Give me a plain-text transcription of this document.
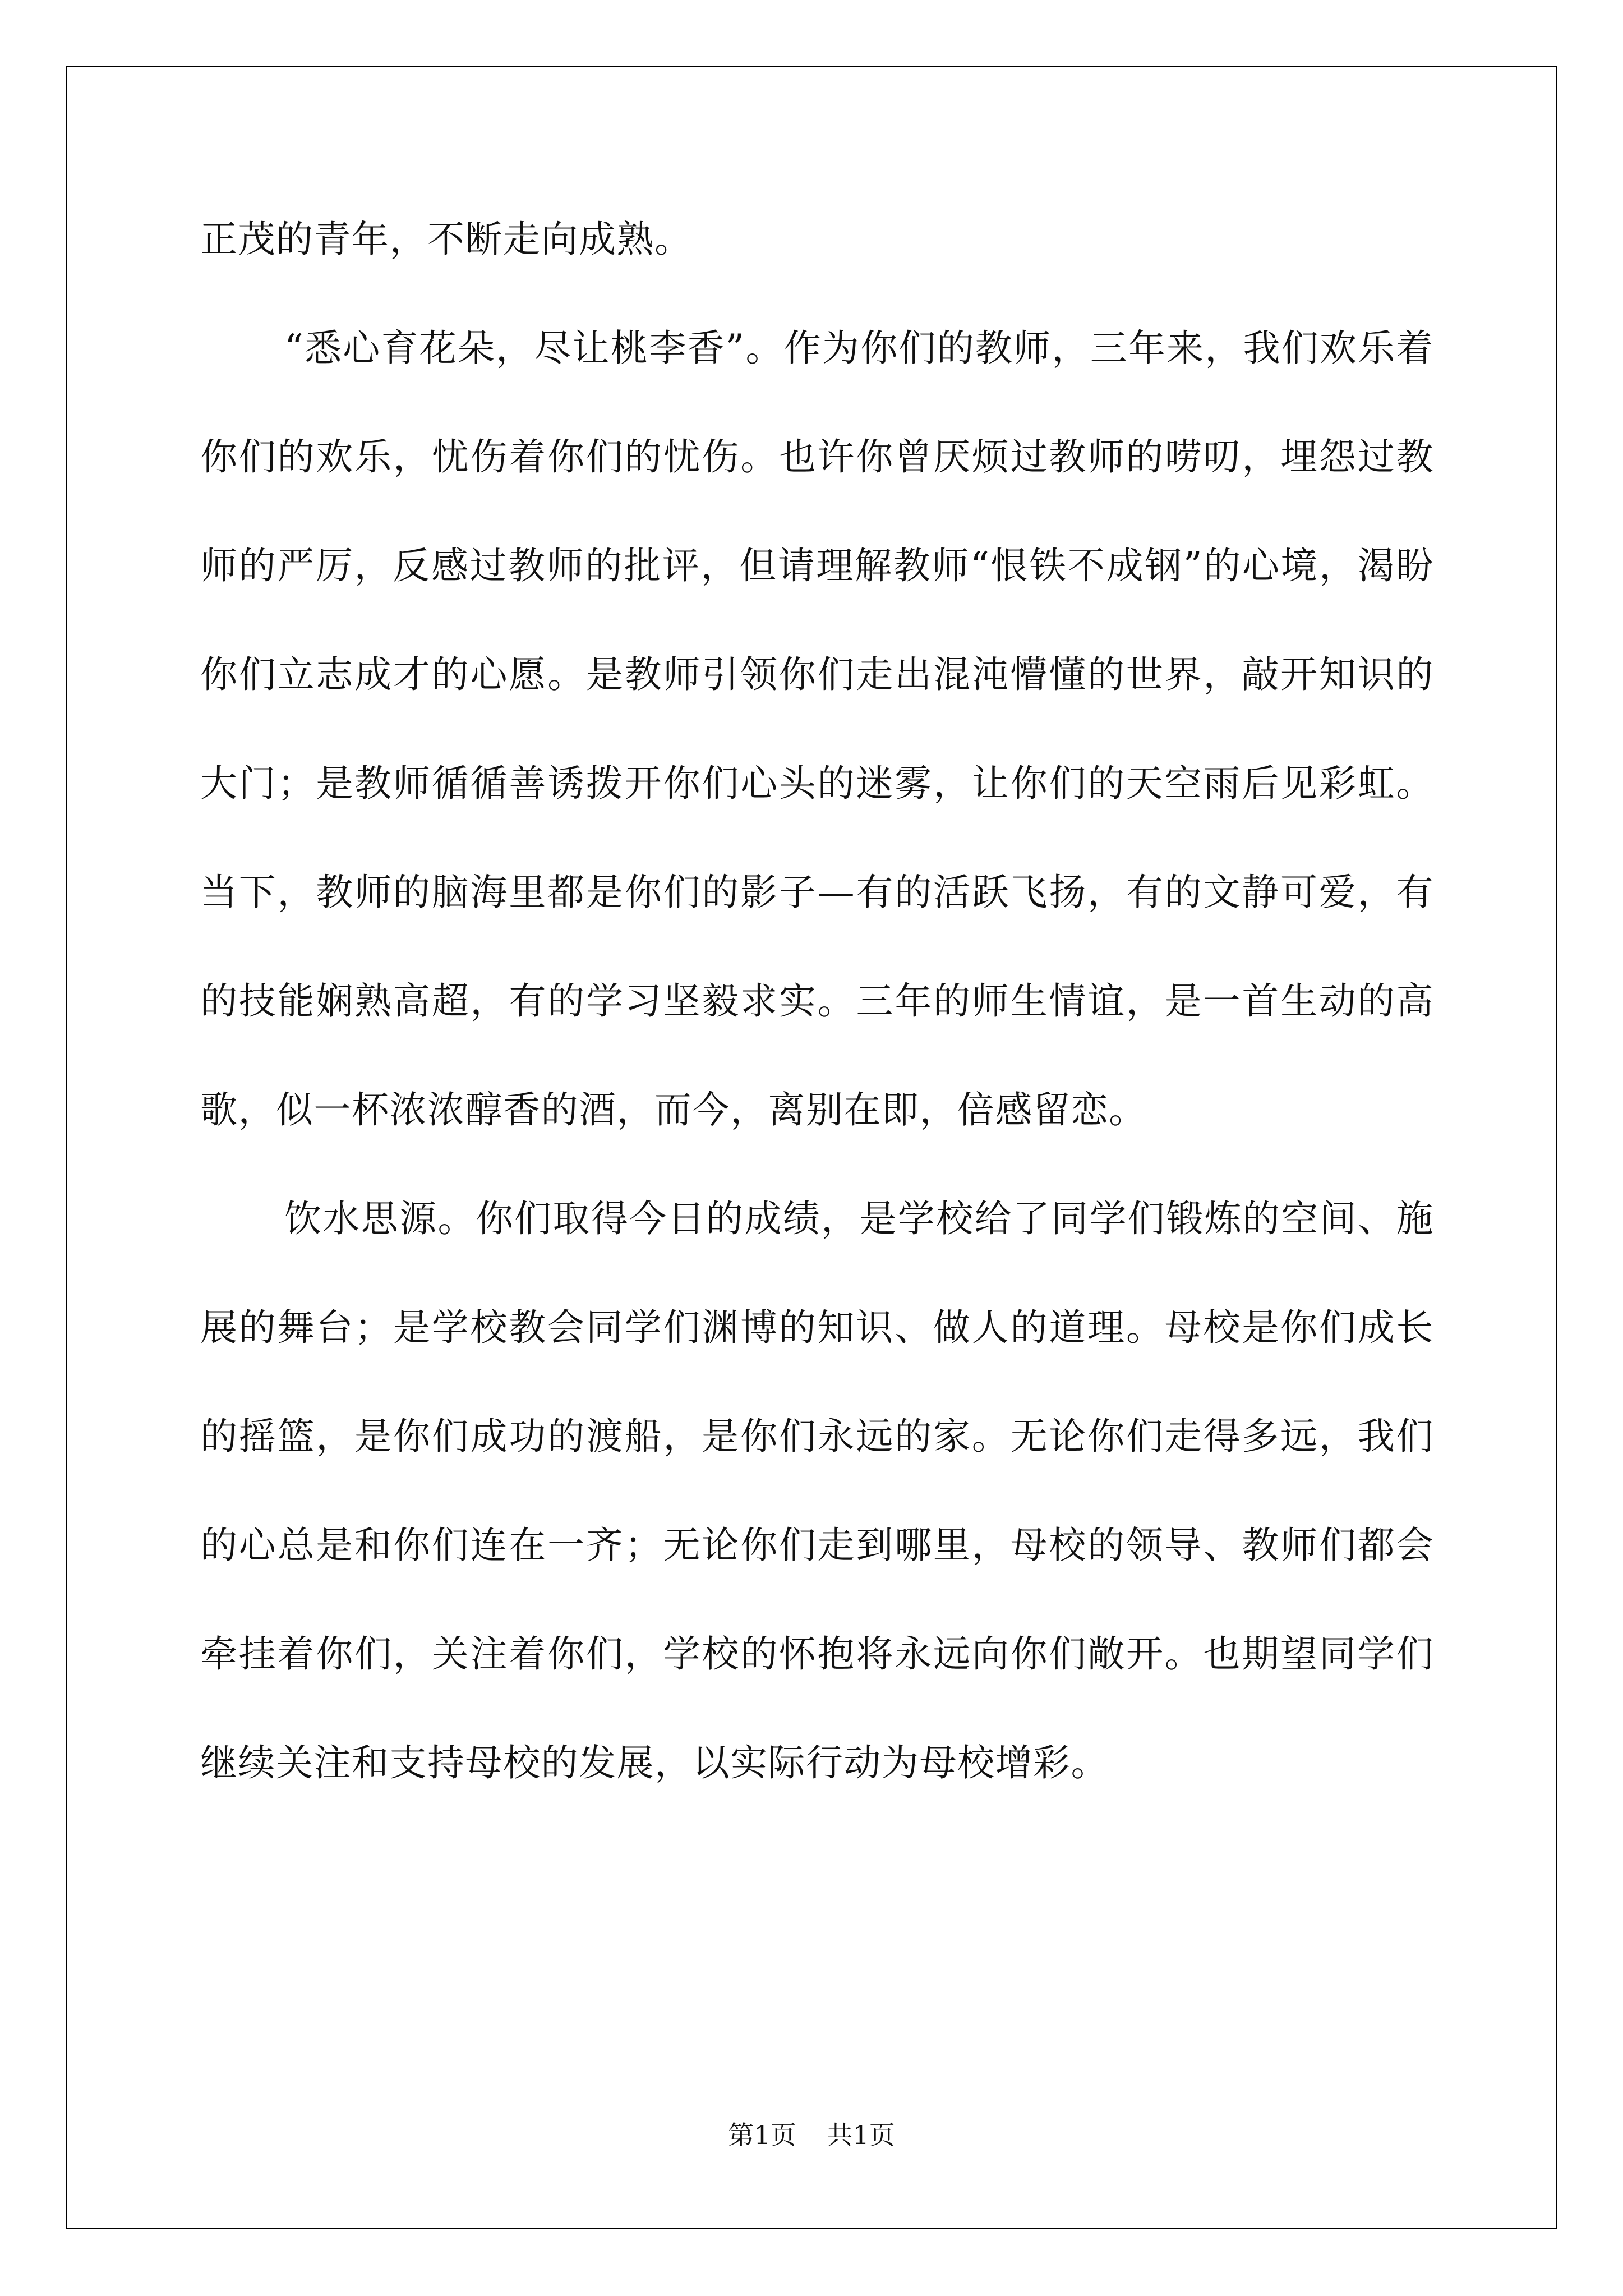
正茂的青年，不断走向成熟。

“悉心育花朵，尽让桃李香”。作为你们的教师，三年来，我们欢乐着你们的欢乐，忧伤着你们的忧伤。也许你曾厌烦过教师的唠叨，埋怨过教师的严厉，反感过教师的批评，但请理解教师“恨铁不成钢”的心境，渴盼你们立志成才的心愿。是教师引领你们走出混沌懵懂的世界，敲开知识的大门；是教师循循善诱拨开你们心头的迷雾，让你们的天空雨后见彩虹。当下，教师的脑海里都是你们的影子—有的活跃飞扬，有的文静可爱，有的技能娴熟高超，有的学习坚毅求实。三年的师生情谊，是一首生动的高歌，似一杯浓浓醇香的酒，而今，离别在即，倍感留恋。

饮水思源。你们取得今日的成绩，是学校给了同学们锻炼的空间、施展的舞台；是学校教会同学们渊博的知识、做人的道理。母校是你们成长的摇篮，是你们成功的渡船，是你们永远的家。无论你们走得多远，我们的心总是和你们连在一齐；无论你们走到哪里，母校的领导、教师们都会牵挂着你们，关注着你们，学校的怀抱将永远向你们敞开。也期望同学们继续关注和支持母校的发展，以实际行动为母校增彩。

第1页 共1页
